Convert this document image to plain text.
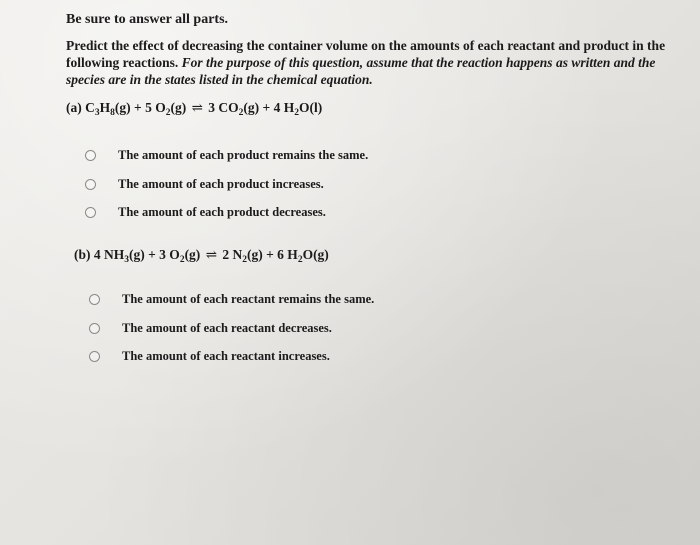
Be sure to answer all parts.
Predict the effect of decreasing the container volume on the amounts of each reactant and product in the following reactions. For the purpose of this question, assume that the reaction happens as written and the species are in the states listed in the chemical equation.
(a) $C_3H_8(g) + 5$ $O_2(g)$ ⇌ 3 $CO_2(g) + 4$ $H_2O(l)$
The amount of each product remains the same.
The amount of each product increases.
The amount of each product decreases.
(b) 4 $NH_3(g) + 3$ $O_2(g)$ ⇌ 2 $N_2(g) + 6$ $H_2O(g)$
The amount of each reactant remains the same.
The amount of each reactant decreases.
The amount of each reactant increases.
